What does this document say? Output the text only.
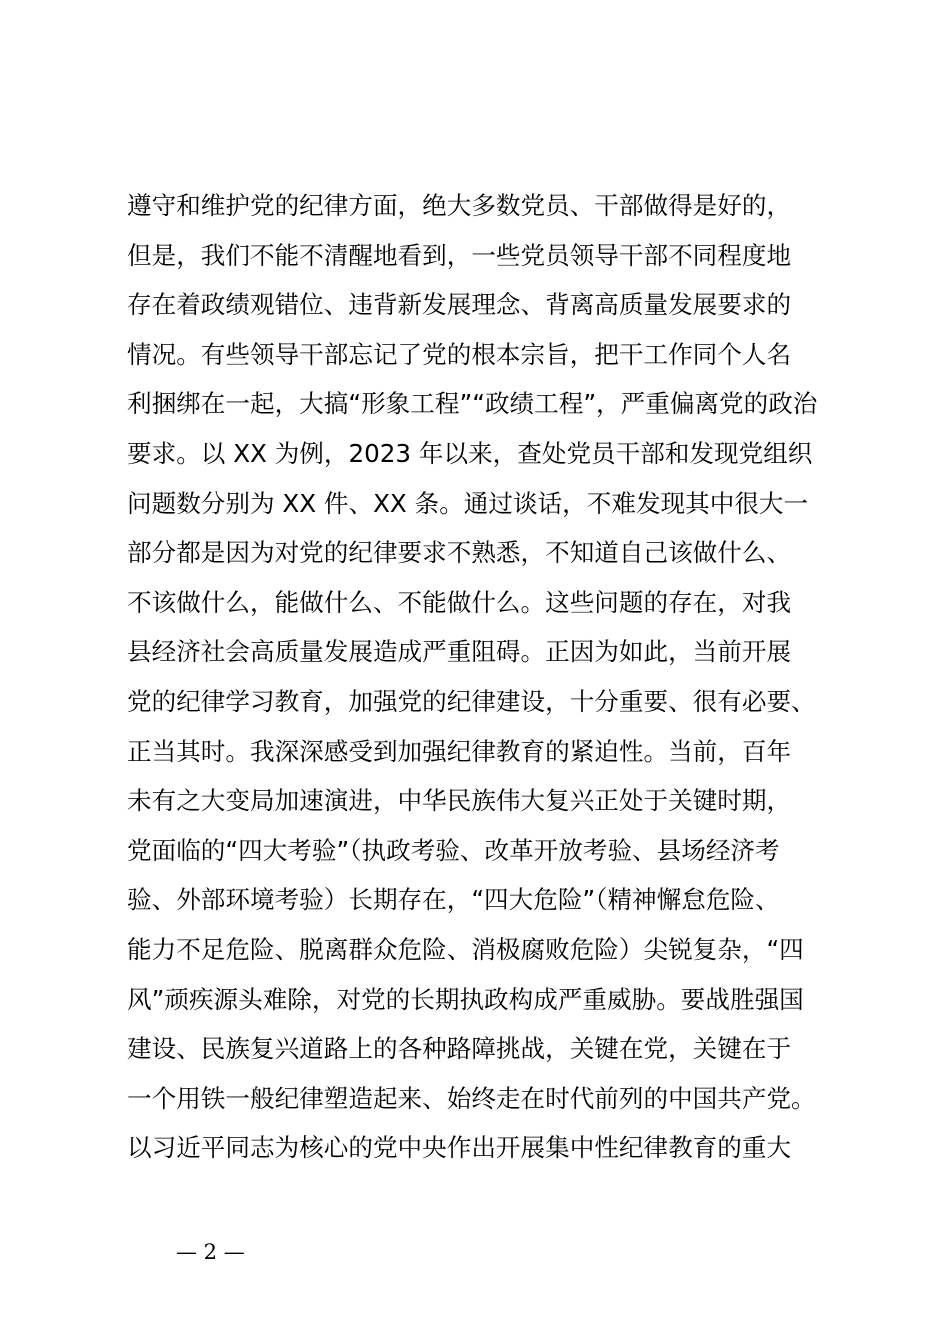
遵守和维护党的纪律方面，绝大多数党员、干部做得是好的，
但是，我们不能不清醒地看到，一些党员领导干部不同程度地
存在着政绩观错位、违背新发展理念、背离高质量发展要求的
情况。有些领导干部忘记了党的根本宗旨，把干工作同个人名
利捆绑在一起，大搞“形象工程”“政绩工程”，严重偏离党的政治
要求。以 XX 为例，2023 年以来，查处党员干部和发现党组织
问题数分别为 XX 件、XX 条。通过谈话，不难发现其中很大一
部分都是因为对党的纪律要求不熟悉，不知道自己该做什么、
不该做什么，能做什么、不能做什么。这些问题的存在，对我
县经济社会高质量发展造成严重阻碍。正因为如此，当前开展
党的纪律学习教育，加强党的纪律建设，十分重要、很有必要、
正当其时。我深深感受到加强纪律教育的紧迫性。当前，百年
未有之大变局加速演进，中华民族伟大复兴正处于关键时期，
党面临的“四大考验”（执政考验、改革开放考验、县场经济考
验、外部环境考验）长期存在，“四大危险”（精神懈怠危险、
能力不足危险、脱离群众危险、消极腐败危险）尖锐复杂，“四
风”顽疾源头难除，对党的长期执政构成严重威胁。要战胜强国
建设、民族复兴道路上的各种路障挑战，关键在党，关键在于
一个用铁一般纪律塑造起来、始终走在时代前列的中国共产党。
以习近平同志为核心的党中央作出开展集中性纪律教育的重大
— 2 —
